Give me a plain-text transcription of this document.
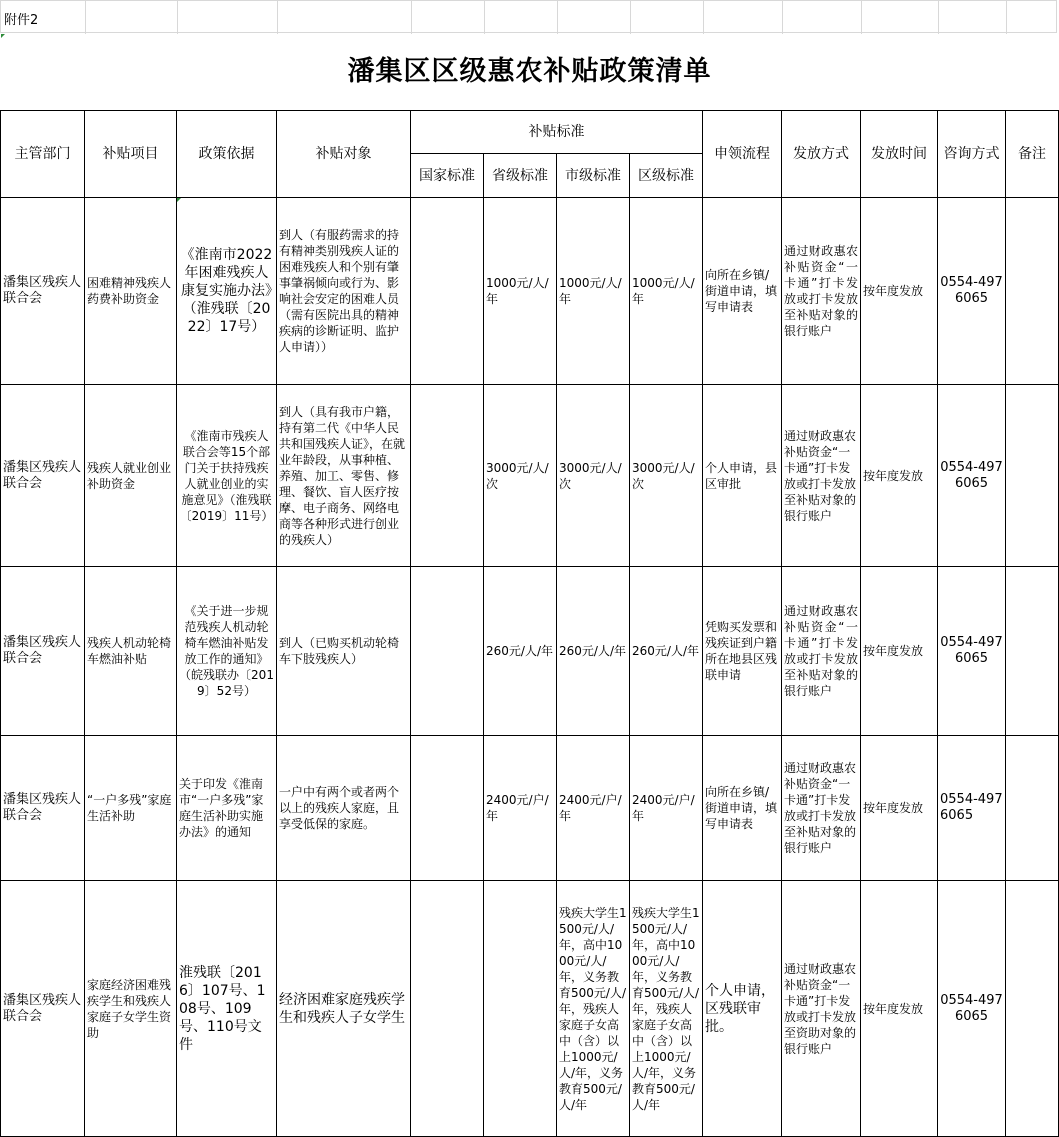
附件2
潘集区区级惠农补贴政策清单
主管部门	补贴项目	政策依据	补贴对象	补贴标准				申领流程	发放方式	发放时间	咨询方式	备注
				国家标准	省级标准	市级标准	区级标准					
潘集区残疾人联合会	困难精神残疾人药费补助资金	《淮南市2022年困难残疾人康复实施办法》（淮残联〔2022〕17号）	到人（有服药需求的持有精神类别残疾人证的困难残疾人和个别有肇事肇祸倾向或行为、影响社会安定的困难人员（需有医院出具的精神疾病的诊断证明、监护人申请））		1000元/人/年	1000元/人/年	1000元/人/年	向所在乡镇/街道申请，填写申请表	通过财政惠农补贴资金“一卡通”打卡发放或打卡发放至补贴对象的银行账户	按年度发放	0554-4976065	
潘集区残疾人联合会	残疾人就业创业补助资金	《淮南市残疾人联合会等15个部门关于扶持残疾人就业创业的实施意见》（淮残联〔2019〕11号）	到人（具有我市户籍，持有第二代《中华人民共和国残疾人证》，在就业年龄段，从事种植、养殖、加工、零售、修理、餐饮、盲人医疗按摩、电子商务、网络电商等各种形式进行创业的残疾人）		3000元/人/次	3000元/人/次	3000元/人/次	个人申请，县区审批	通过财政惠农补贴资金“一卡通”打卡发放或打卡发放至补贴对象的银行账户	按年度发放	0554-4976065	
潘集区残疾人联合会	残疾人机动轮椅车燃油补贴	《关于进一步规范残疾人机动轮椅车燃油补贴发放工作的通知》（皖残联办〔2019〕52号）	到人（已购买机动轮椅车下肢残疾人）		260元/人/年	260元/人/年	260元/人/年	凭购买发票和残疾证到户籍所在地县区残联申请	通过财政惠农补贴资金“一卡通”打卡发放或打卡发放至补贴对象的银行账户	按年度发放	0554-4976065	
潘集区残疾人联合会	“一户多残”家庭生活补助	关于印发《淮南市“一户多残”家庭生活补助实施办法》的通知	一户中有两个或者两个以上的残疾人家庭，且享受低保的家庭。		2400元/户/年	2400元/户/年	2400元/户/年	向所在乡镇/街道申请，填写申请表	通过财政惠农补贴资金“一卡通”打卡发放或打卡发放至补贴对象的银行账户	按年度发放	0554-4976065	
潘集区残疾人联合会	家庭经济困难残疾学生和残疾人家庭子女学生资助	淮残联〔2016〕107号、108号、109号、110号文件	经济困难家庭残疾学生和残疾人子女学生			残疾大学生1500元/人/年，高中1000元/人/年，义务教育500元/人/年，残疾人家庭子女高中（含）以上1000元/人/年，义务教育500元/人/年	残疾大学生1500元/人/年，高中1000元/人/年，义务教育500元/人/年，残疾人家庭子女高中（含）以上1000元/人/年，义务教育500元/人/年	个人申请，区残联审批。	通过财政惠农补贴资金“一卡通”打卡发放或打卡发放至资助对象的银行账户	按年度发放	0554-4976065	
